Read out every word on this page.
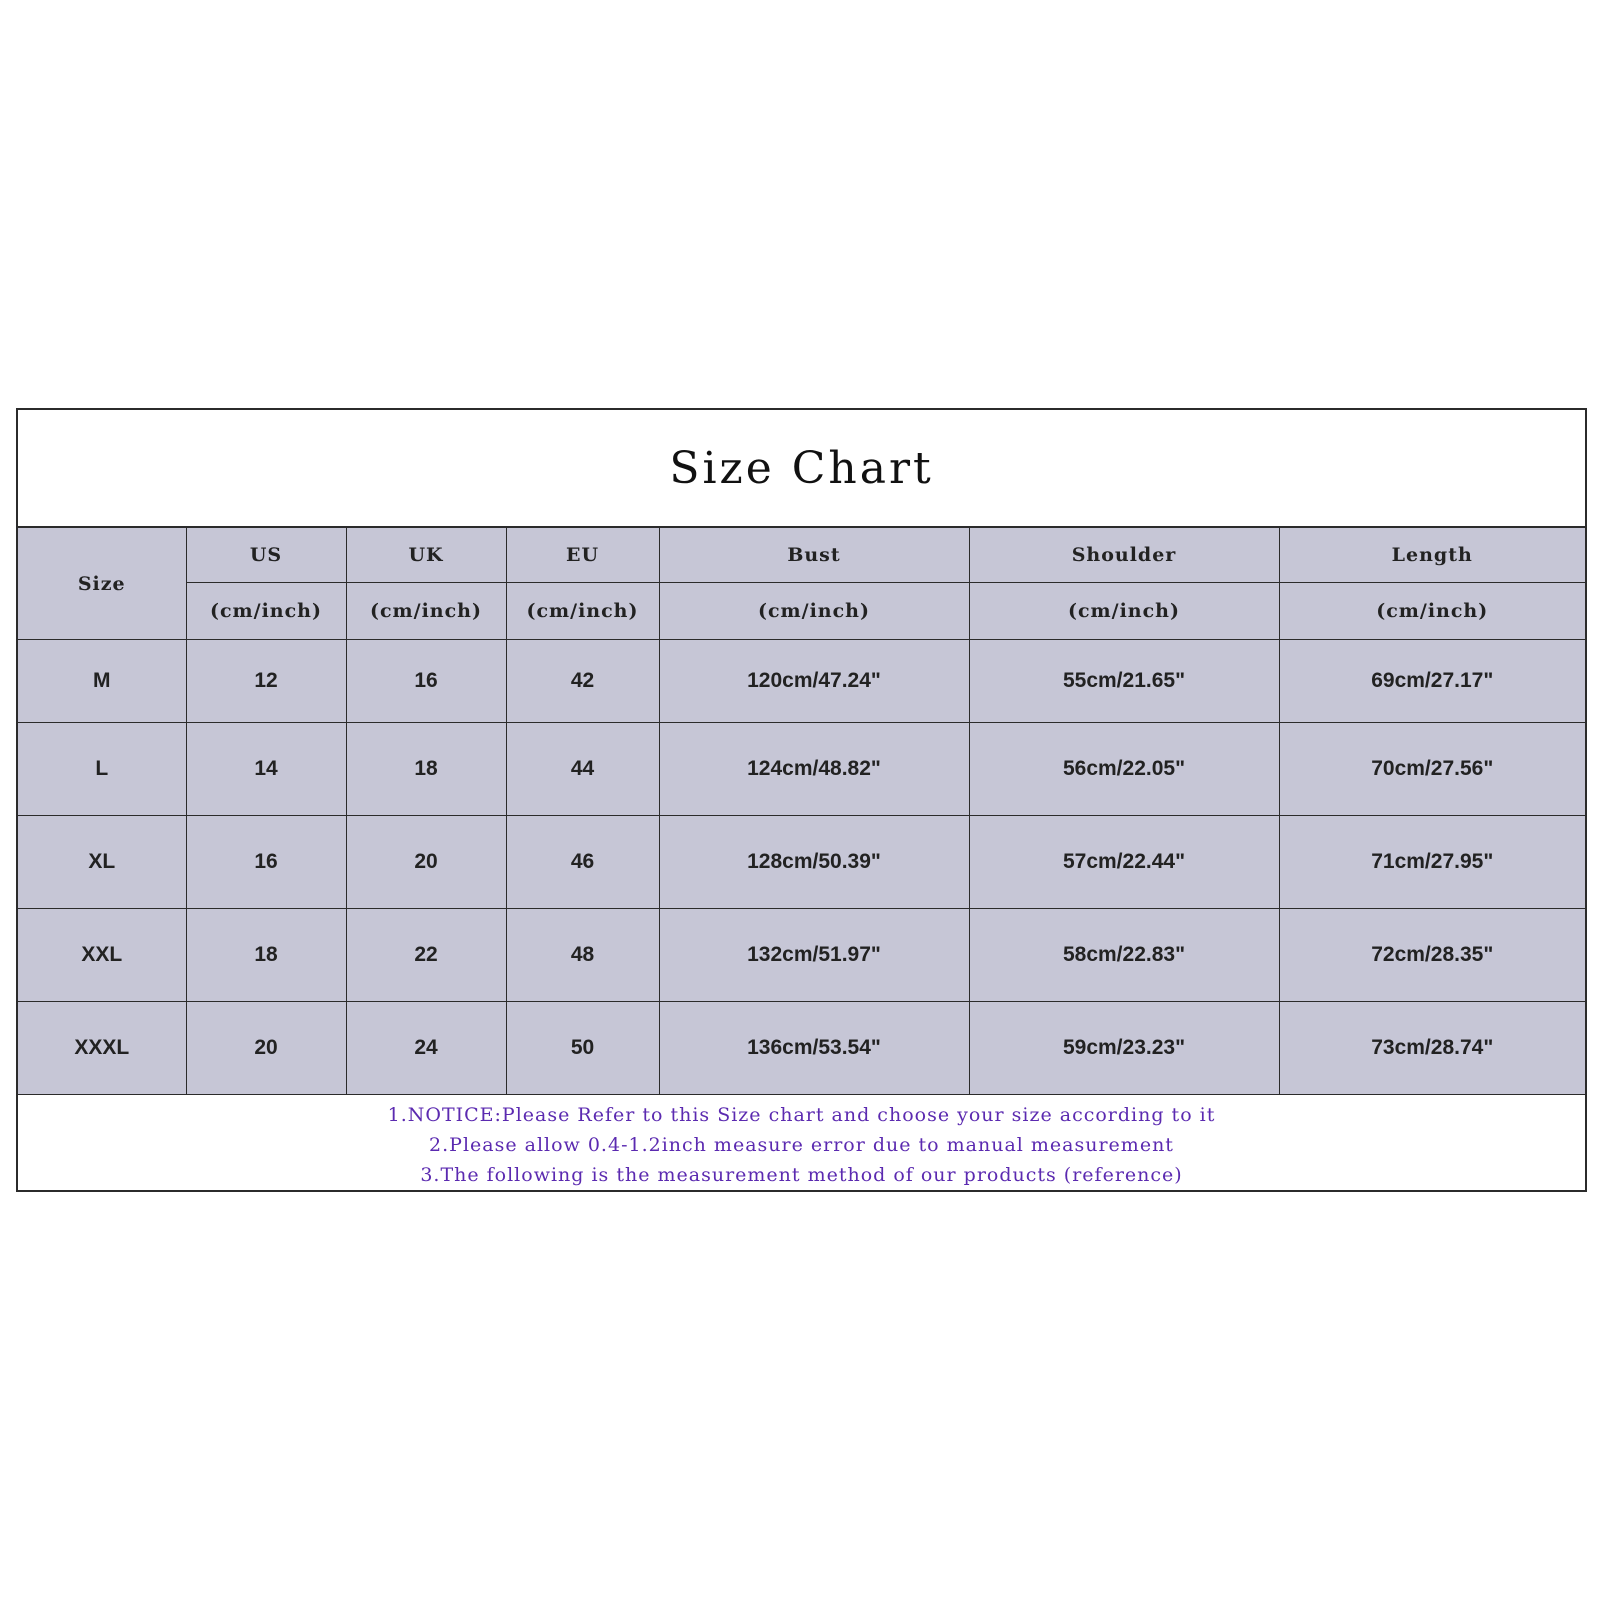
Size Chart
Size	US	UK	EU	Bust	Shoulder	Length
	(cm/inch)	(cm/inch)	(cm/inch)	(cm/inch)	(cm/inch)	(cm/inch)
M	12	16	42	120cm/47.24"	55cm/21.65"	69cm/27.17"
L	14	18	44	124cm/48.82"	56cm/22.05"	70cm/27.56"
XL	16	20	46	128cm/50.39"	57cm/22.44"	71cm/27.95"
XXL	18	22	48	132cm/51.97"	58cm/22.83"	72cm/28.35"
XXXL	20	24	50	136cm/53.54"	59cm/23.23"	73cm/28.74"
1.NOTICE:Please Refer to this Size chart and choose your size according to it
2.Please allow 0.4-1.2inch measure error due to manual measurement
3.The following is the measurement method of our products (reference)
